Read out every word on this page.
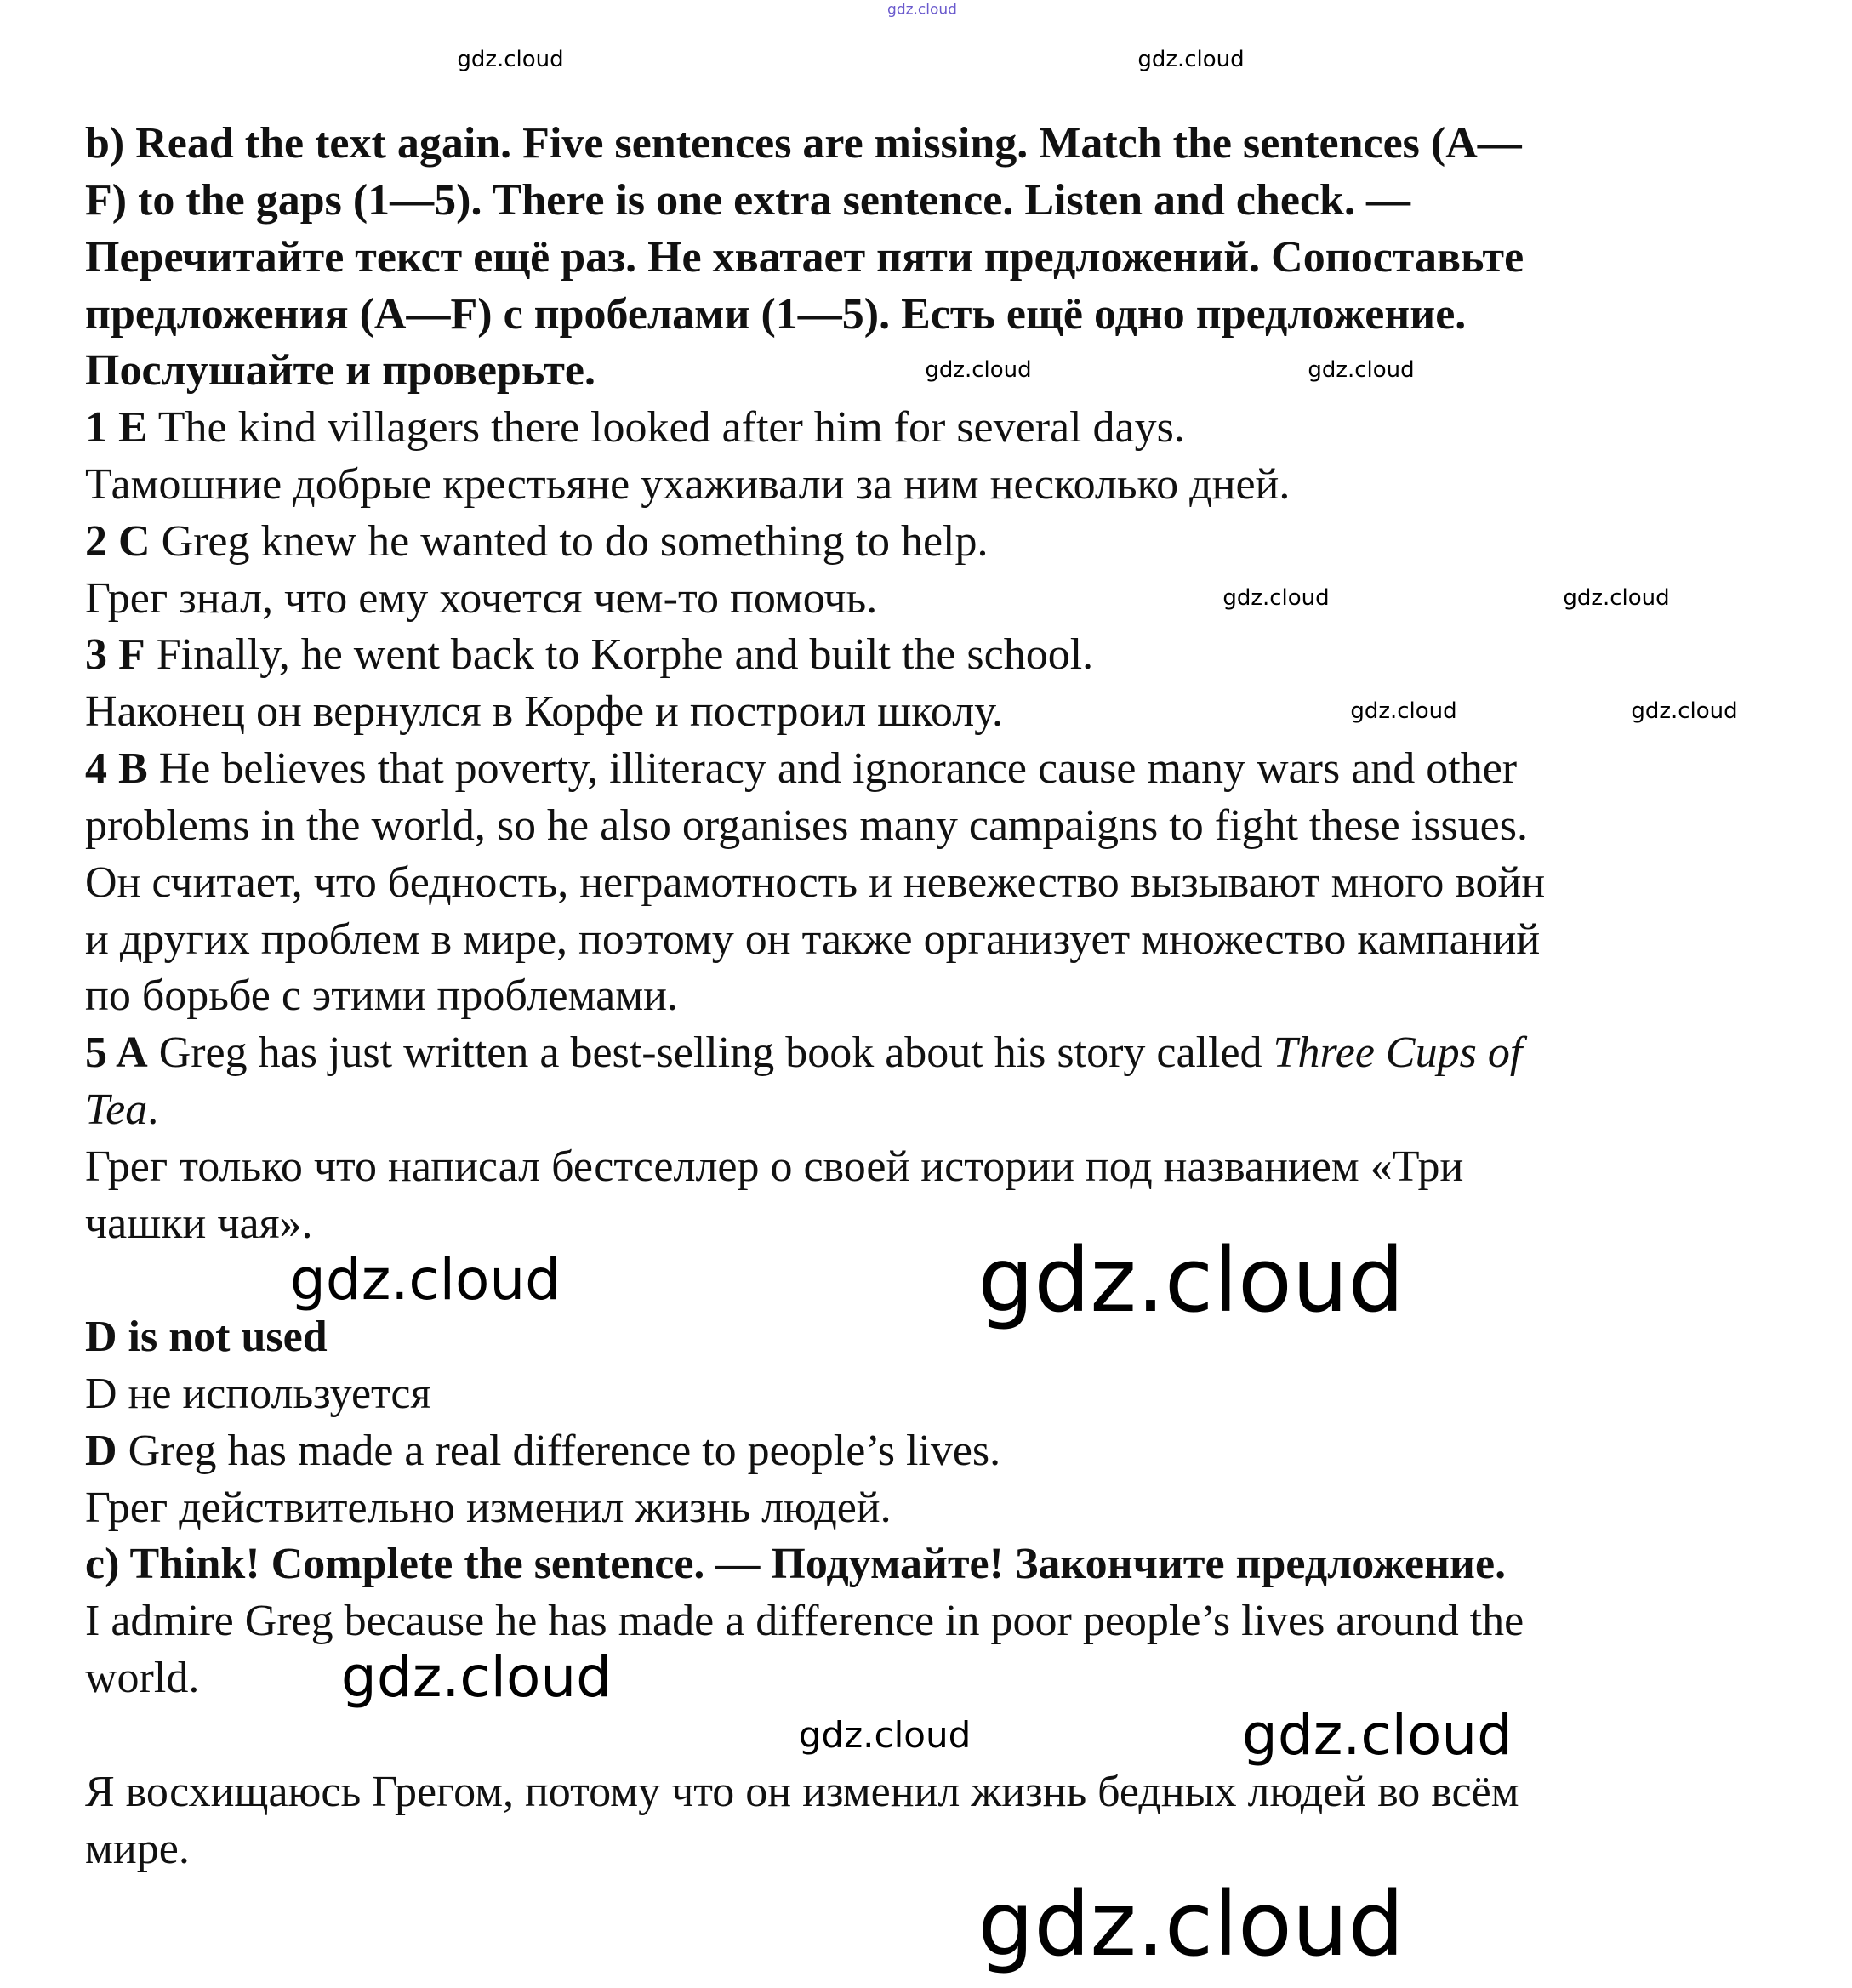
b) Read the text again. Five sentences are missing. Match the sentences (A—
F) to the gaps (1—5). There is one extra sentence. Listen and check. —
Перечитайте текст ещё раз. Не хватает пяти предложений. Сопоставьте
предложения (A—F) с пробелами (1—5). Есть ещё одно предложение.
Послушайте и проверьте.
1 E The kind villagers there looked after him for several days.
Тамошние добрые крестьяне ухаживали за ним несколько дней.
2 C Greg knew he wanted to do something to help.
Грег знал, что ему хочется чем-то помочь.
3 F Finally, he went back to Korphe and built the school.
Наконец он вернулся в Корфе и построил школу.
4 B He believes that poverty, illiteracy and ignorance cause many wars and other
problems in the world, so he also organises many campaigns to fight these issues.
Он считает, что бедность, неграмотность и невежество вызывают много войн
и других проблем в мире, поэтому он также организует множество кампаний
по борьбе с этими проблемами.
5 A Greg has just written a best-selling book about his story called Three Cups of
Tea.
Грег только что написал бестселлер о своей истории под названием «Три
чашки чая».
D is not used
D не используется
D Greg has made a real difference to people’s lives.
Грег действительно изменил жизнь людей.
c) Think! Complete the sentence. — Подумайте! Закончите предложение.
I admire Greg because he has made a difference in poor people’s lives around the
world.
Я восхищаюсь Грегом, потому что он изменил жизнь бедных людей во всём
мире.
gdz.cloud
gdz.cloud	gdz.cloud
gdz.cloud	gdz.cloud
gdz.cloud	gdz.cloud
gdz.cloud	gdz.cloud
gdz.cloud
gdz.cloud
gdz.cloud
gdz.cloud
gdz.cloud	gdz.cloud
